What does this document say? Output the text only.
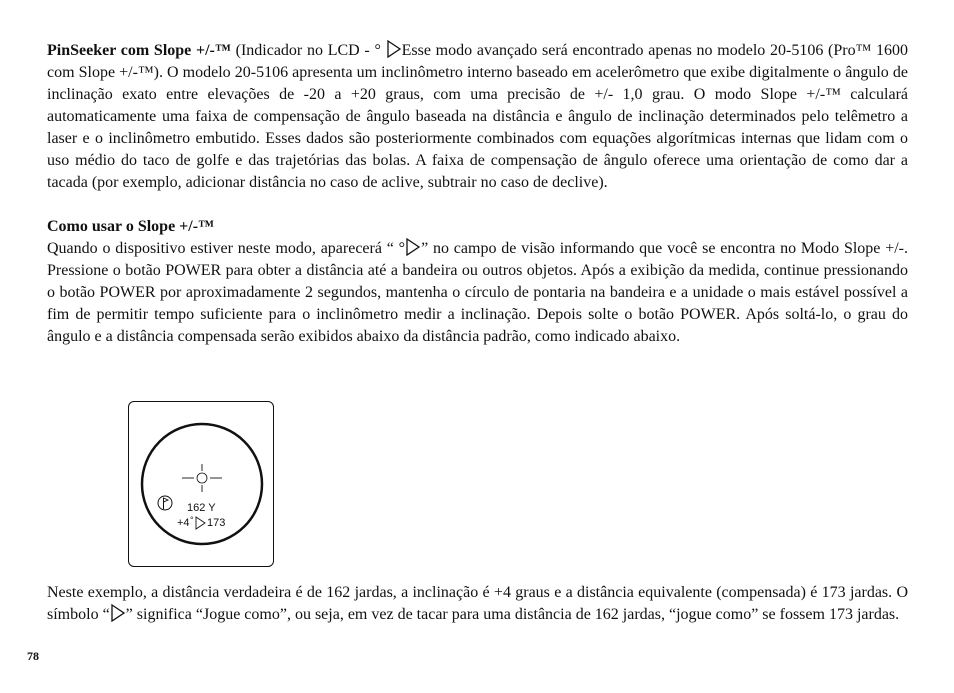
PinSeeker com Slope +/-™ (Indicador no LCD - ° Esse modo avançado será encontrado apenas no modelo 20-5106 (Pro™ 1600 com Slope +/-™). O modelo 20-5106 apresenta um inclinômetro interno baseado em acelerômetro que exibe digitalmente o ângulo de inclinação exato entre elevações de -20 a +20 graus, com uma precisão de +/- 1,0 grau. O modo Slope +/-™ calculará automaticamente uma faixa de compensação de ângulo baseada na distância e ângulo de inclinação determinados pelo telêmetro a laser e o inclinômetro embutido. Esses dados são posteriormente combinados com equações algorítmicas internas que lidam com o uso médio do taco de golfe e das trajetórias das bolas. A faixa de compensação de ângulo oferece uma orientação de como dar a tacada (por exemplo, adicionar distância no caso de aclive, subtrair no caso de declive).

Como usar o Slope +/-™

Quando o dispositivo estiver neste modo, aparecerá “ ° ” no campo de visão informando que você se encontra no Modo Slope +/-. Pressione o botão POWER para obter a distância até a bandeira ou outros objetos. Após a exibição da medida, continue pressionando o botão POWER por aproximadamente 2 segundos, mantenha o círculo de pontaria na bandeira e a unidade o mais estável possível a fim de permitir tempo suficiente para o inclinômetro medir a inclinação. Depois solte o botão POWER. Após soltá-lo, o grau do ângulo e a distância compensada serão exibidos abaixo da distância padrão, como indicado abaixo.

162 Y
+4 ° 173

Neste exemplo, a distância verdadeira é de 162 jardas, a inclinação é +4 graus e a distância equivalente (compensada) é 173 jardas. O símbolo “ ” significa “Jogue como”, ou seja, em vez de tacar para uma distância de 162 jardas, “jogue como” se fossem 173 jardas.

78
